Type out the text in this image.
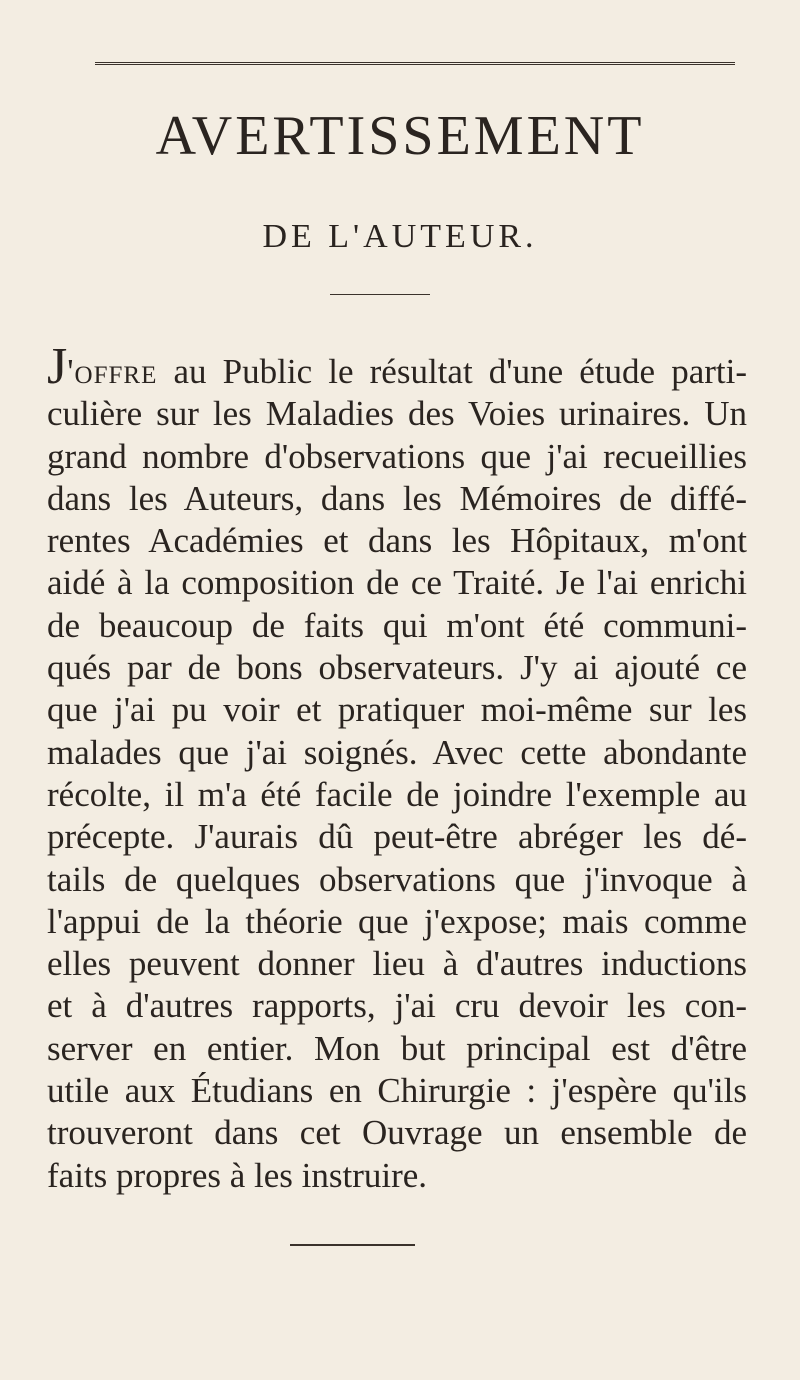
AVERTISSEMENT
DE L'AUTEUR.
J'offre au Public le résultat d'une étude parti-
culière sur les Maladies des Voies urinaires. Un
grand nombre d'observations que j'ai recueillies
dans les Auteurs, dans les Mémoires de diffé-
rentes Académies et dans les Hôpitaux, m'ont
aidé à la composition de ce Traité. Je l'ai enrichi
de beaucoup de faits qui m'ont été communi-
qués par de bons observateurs. J'y ai ajouté ce
que j'ai pu voir et pratiquer moi-même sur les
malades que j'ai soignés. Avec cette abondante
récolte, il m'a été facile de joindre l'exemple au
précepte. J'aurais dû peut-être abréger les dé-
tails de quelques observations que j'invoque à
l'appui de la théorie que j'expose; mais comme
elles peuvent donner lieu à d'autres inductions
et à d'autres rapports, j'ai cru devoir les con-
server en entier. Mon but principal est d'être
utile aux Étudians en Chirurgie : j'espère qu'ils
trouveront dans cet Ouvrage un ensemble de
faits propres à les instruire.
